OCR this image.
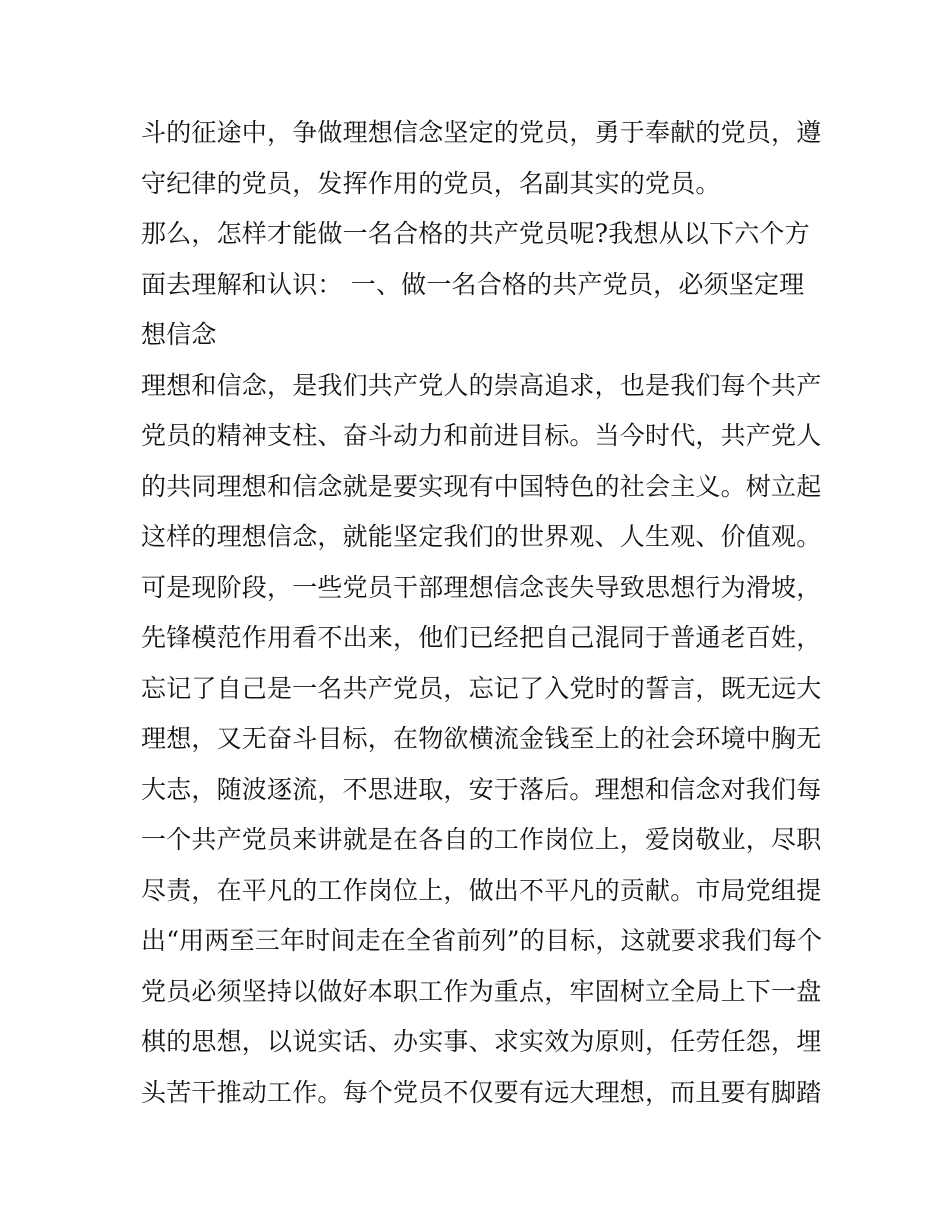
斗的征途中，争做理想信念坚定的党员，勇于奉献的党员，遵
守纪律的党员，发挥作用的党员，名副其实的党员。
那么，怎样才能做一名合格的共产党员呢?我想从以下六个方
面去理解和认识： 一、做一名合格的共产党员，必须坚定理
想信念
理想和信念，是我们共产党人的崇高追求，也是我们每个共产
党员的精神支柱、奋斗动力和前进目标。当今时代，共产党人
的共同理想和信念就是要实现有中国特色的社会主义。树立起
这样的理想信念，就能坚定我们的世界观、人生观、价值观。
可是现阶段，一些党员干部理想信念丧失导致思想行为滑坡，
先锋模范作用看不出来，他们已经把自己混同于普通老百姓，
忘记了自己是一名共产党员，忘记了入党时的誓言，既无远大
理想，又无奋斗目标，在物欲横流金钱至上的社会环境中胸无
大志，随波逐流，不思进取，安于落后。理想和信念对我们每
一个共产党员来讲就是在各自的工作岗位上，爱岗敬业，尽职
尽责，在平凡的工作岗位上，做出不平凡的贡献。市局党组提
出“用两至三年时间走在全省前列”的目标，这就要求我们每个
党员必须坚持以做好本职工作为重点，牢固树立全局上下一盘
棋的思想，以说实话、办实事、求实效为原则，任劳任怨，埋
头苦干推动工作。每个党员不仅要有远大理想，而且要有脚踏
